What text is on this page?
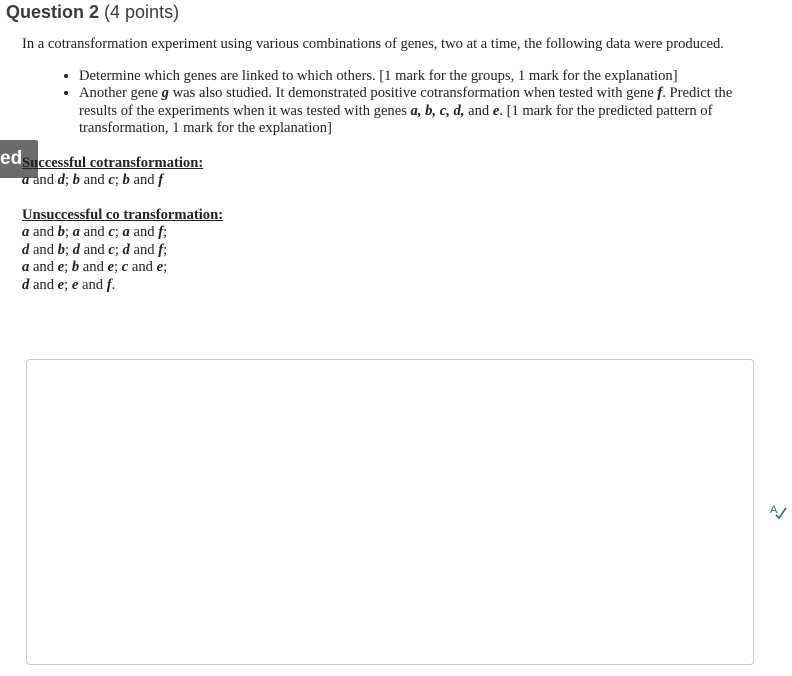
Question 2 (4 points)
ed

In a cotransformation experiment using various combinations of genes, two at a time, the following data were produced.

• Determine which genes are linked to which others. [1 mark for the groups, 1 mark for the explanation]
• Another gene g was also studied. It demonstrated positive cotransformation when tested with gene f. Predict the results of the experiments when it was tested with genes a, b, c, d, and e. [1 mark for the predicted pattern of transformation, 1 mark for the explanation]
Successful cotransformation:
a and d; b and c; b and f
Unsuccessful co transformation:
a and b; a and c; a and f;
d and b; d and c; d and f;
a and e; b and e; c and e;
d and e; e and f.
A
